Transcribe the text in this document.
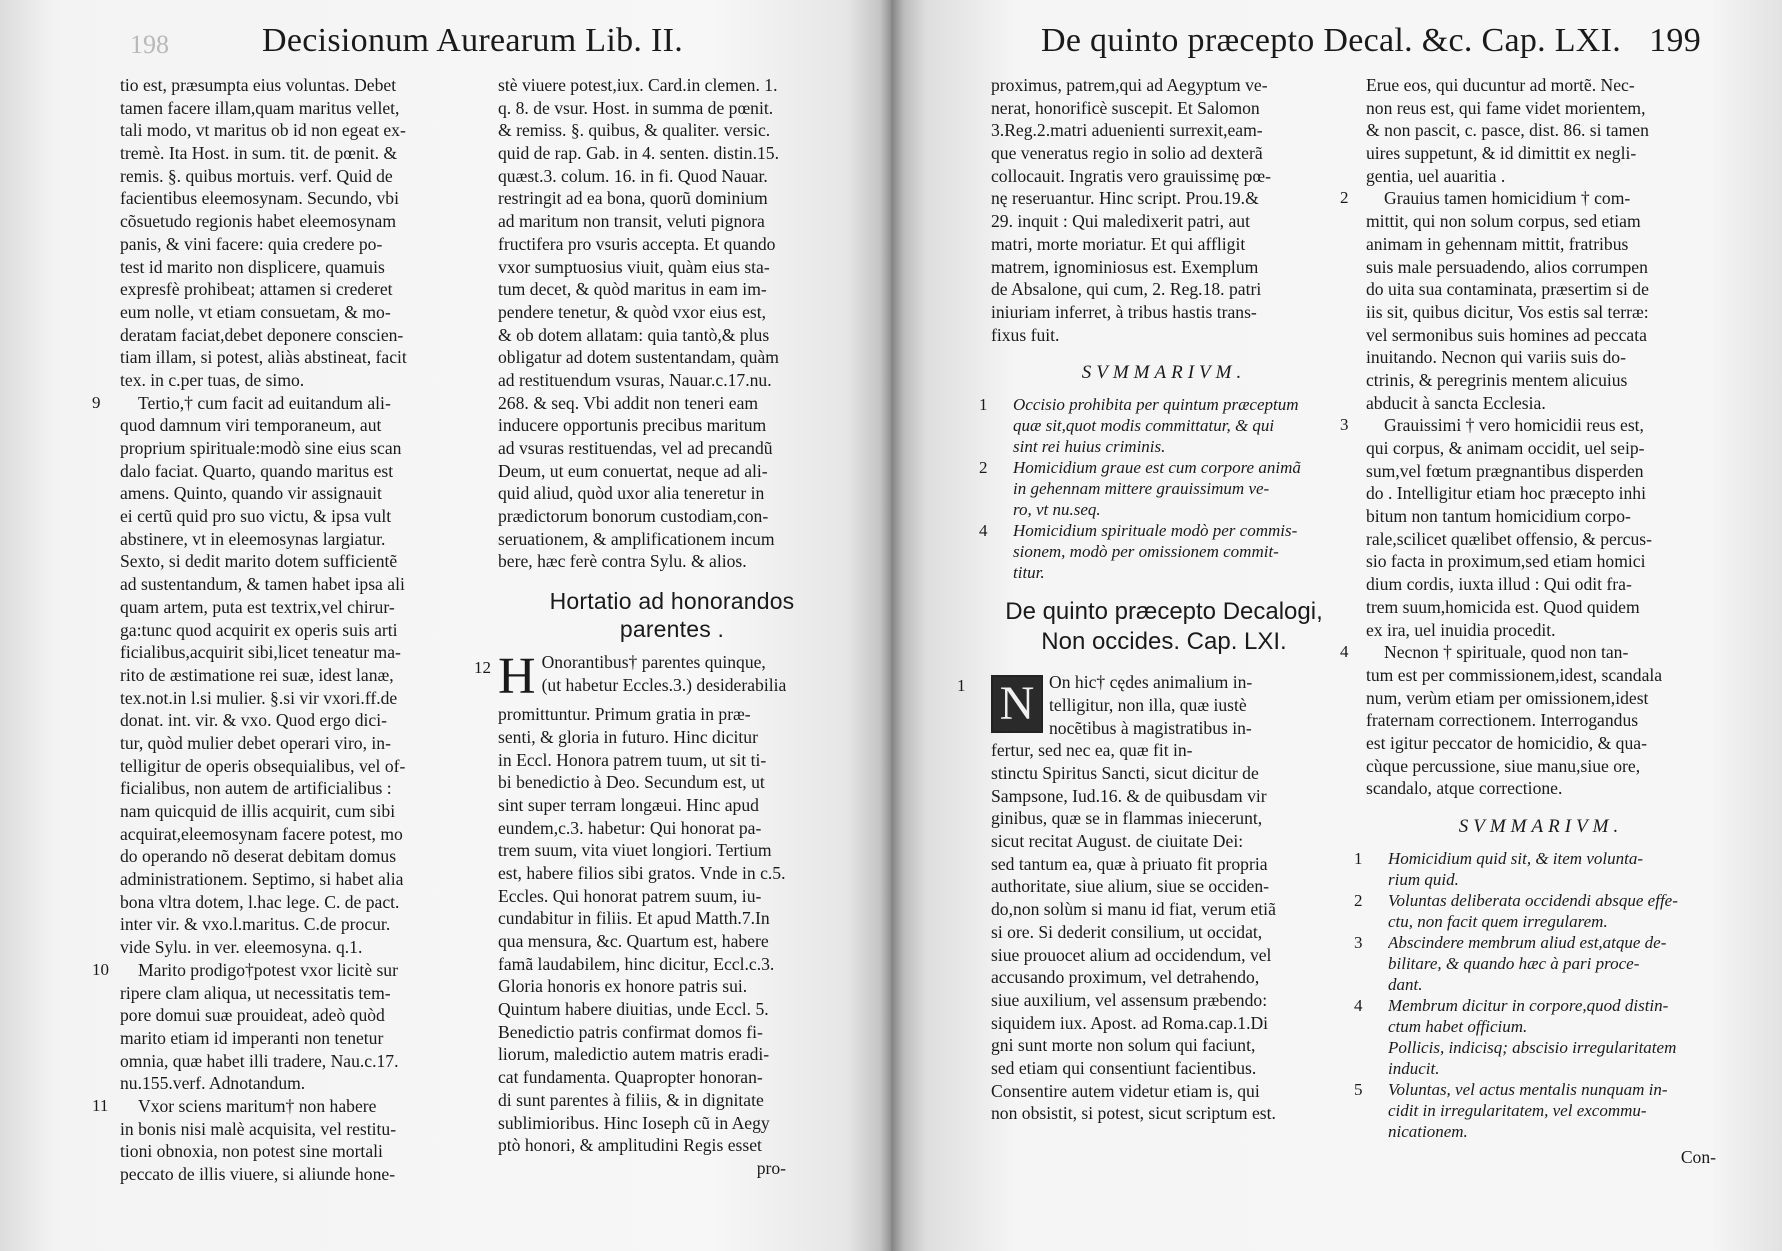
198	Decisionum Aurearum Lib. II.
tio est, præsumpta eius voluntas. Debet
tamen facere illam,quam maritus vellet,
tali modo, vt maritus ob id non egeat ex-
tremè. Ita Host. in sum. tit. de pœnit. &
remis. §. quibus mortuis. verf. Quid de
facientibus eleemosynam. Secundo, vbi
cõsuetudo regionis habet eleemosynam
panis, & vini facere: quia credere po-
test id marito non displicere, quamuis
expresfè prohibeat; attamen si crederet
eum nolle, vt etiam consuetam, & mo-
deratam faciat,debet deponere conscien-
tiam illam, si potest, aliàs abstineat, facit
tex. in c.per tuas, de simo.
9	Tertio,† cum facit ad euitandum ali-
quod damnum viri temporaneum, aut
proprium spirituale:modò sine eius scan
dalo faciat. Quarto, quando maritus est
amens. Quinto, quando vir assignauit
ei certũ quid pro suo victu, & ipsa vult
abstinere, vt in eleemosynas largiatur.
Sexto, si dedit marito dotem sufficientẽ
ad sustentandum, & tamen habet ipsa ali
quam artem, puta est textrix,vel chirur-
ga:tunc quod acquirit ex operis suis arti
ficialibus,acquirit sibi,licet teneatur ma-
rito de æstimatione rei suæ, idest lanæ,
tex.not.in l.si mulier. §.si vir vxori.ff.de
donat. int. vir. & vxo. Quod ergo dici-
tur, quòd mulier debet operari viro, in-
telligitur de operis obsequialibus, vel of-
ficialibus, non autem de artificialibus :
nam quicquid de illis acquirit, cum sibi
acquirat,eleemosynam facere potest, mo
do operando nõ deserat debitam domus
administrationem. Septimo, si habet alia
bona vltra dotem, l.hac lege. C. de pact.
inter vir. & vxo.l.maritus. C.de procur.
vide Sylu. in ver. eleemosyna. q.1.
10	Marito prodigo†potest vxor licitè sur
ripere clam aliqua, ut necessitatis tem-
pore domui suæ prouideat, adeò quòd
marito etiam id imperanti non tenetur
omnia, quæ habet illi tradere, Nau.c.17.
nu.155.verf. Adnotandum.
11	Vxor sciens maritum† non habere
in bonis nisi malè acquisita, vel restitu-
tioni obnoxia, non potest sine mortali
peccato de illis viuere, si aliunde hone-
stè viuere potest,iux. Card.in clemen. 1.
q. 8. de vsur. Host. in summa de pœnit.
& remiss. §. quibus, & qualiter. versic.
quid de rap. Gab. in 4. senten. distin.15.
quæst.3. colum. 16. in fi. Quod Nauar.
restringit ad ea bona, quorũ dominium
ad maritum non transit, veluti pignora
fructifera pro vsuris accepta. Et quando
vxor sumptuosius viuit, quàm eius sta-
tum decet, & quòd maritus in eam im-
pendere tenetur, & quòd vxor eius est,
& ob dotem allatam: quia tantò,& plus
obligatur ad dotem sustentandam, quàm
ad restituendum vsuras, Nauar.c.17.nu.
268. & seq. Vbi addit non teneri eam
inducere opportunis precibus maritum
ad vsuras restituendas, vel ad precandũ
Deum, ut eum conuertat, neque ad ali-
quid aliud, quòd uxor alia teneretur in
prædictorum bonorum custodiam,con-
seruationem, & amplificationem incum
bere, hæc ferè contra Sylu. & alios.
Hortatio ad honorandos
parentes .
12 H Onorantibus† parentes quinque,
(ut habetur Eccles.3.) desiderabilia
promittuntur. Primum gratia in præ-
senti, & gloria in futuro. Hinc dicitur
in Eccl. Honora patrem tuum, ut sit ti-
bi benedictio à Deo. Secundum est, ut
sint super terram longæui. Hinc apud
eundem,c.3. habetur: Qui honorat pa-
trem suum, vita viuet longiori. Tertium
est, habere filios sibi gratos. Vnde in c.5.
Eccles. Qui honorat patrem suum, iu-
cundabitur in filiis. Et apud Matth.7.In
qua mensura, &c. Quartum est, habere
famã laudabilem, hinc dicitur, Eccl.c.3.
Gloria honoris ex honore patris sui.
Quintum habere diuitias, unde Eccl. 5.
Benedictio patris confirmat domos fi-
liorum, maledictio autem matris eradi-
cat fundamenta. Quapropter honoran-
di sunt parentes à filiis, & in dignitate
sublimioribus. Hinc Ioseph cũ in Aegy
ptò honori, & amplitudini Regis esset
pro-
De quinto præcepto Decal. &c. Cap. LXI. 199
proximus, patrem,qui ad Aegyptum ve-
nerat, honorificè suscepit. Et Salomon
3.Reg.2.matri aduenienti surrexit,eam-
que veneratus regio in solio ad dexterã
collocauit. Ingratis vero grauissimę pœ-
nę reseruantur. Hinc script. Prou.19.&
29. inquit : Qui maledixerit patri, aut
matri, morte moriatur. Et qui affligit
matrem, ignominiosus est. Exemplum
de Absalone, qui cum, 2. Reg.18. patri
iniuriam inferret, à tribus hastis trans-
fixus fuit.
SVMMARIVM.
1 Occisio prohibita per quintum præceptum
quæ sit,quot modis committatur, & qui
sint rei huius criminis.
2 Homicidium graue est cum corpore animã
in gehennam mittere grauissimum ve-
ro, vt nu.seq.
4 Homicidium spirituale modò per commis-
sionem, modò per omissionem commit-
titur.
De quinto præcepto Decalogi,
Non occides. Cap. LXI.
1 N On hic† cędes animalium in-
telligitur, non illa, quæ iustè
nocẽtibus à magistratibus in-
fertur, sed nec ea, quæ fit in-
stinctu Spiritus Sancti, sicut dicitur de
Sampsone, Iud.16. & de quibusdam vir
ginibus, quæ se in flammas iniecerunt,
sicut recitat August. de ciuitate Dei:
sed tantum ea, quæ à priuato fit propria
authoritate, siue alium, siue se occiden-
do,non solùm si manu id fiat, verum etiã
si ore. Si dederit consilium, ut occidat,
siue prouocet alium ad occidendum, vel
accusando proximum, vel detrahendo,
siue auxilium, vel assensum præbendo:
siquidem iux. Apost. ad Roma.cap.1.Di
gni sunt morte non solum qui faciunt,
sed etiam qui consentiunt facientibus.
Consentire autem videtur etiam is, qui
non obsistit, si potest, sicut scriptum est.
Erue eos, qui ducuntur ad mortẽ. Nec-
non reus est, qui fame videt morientem,
& non pascit, c. pasce, dist. 86. si tamen
uires suppetunt, & id dimittit ex negli-
gentia, uel auaritia .
2	Grauius tamen homicidium † com-
mittit, qui non solum corpus, sed etiam
animam in gehennam mittit, fratribus
suis male persuadendo, alios corrumpen
do uita sua contaminata, præsertim si de
iis sit, quibus dicitur, Vos estis sal terræ:
vel sermonibus suis homines ad peccata
inuitando. Necnon qui variis suis do-
ctrinis, & peregrinis mentem alicuius
abducit à sancta Ecclesia.
3	Grauissimi † vero homicidii reus est,
qui corpus, & animam occidit, uel seip-
sum,vel fœtum prægnantibus disperden
do . Intelligitur etiam hoc præcepto inhi
bitum non tantum homicidium corpo-
rale,scilicet quælibet offensio, & percus-
sio facta in proximum,sed etiam homici
dium cordis, iuxta illud : Qui odit fra-
trem suum,homicida est. Quod quidem
ex ira, uel inuidia procedit.
4	Necnon † spirituale, quod non tan-
tum est per commissionem,idest, scandala
num, verùm etiam per omissionem,idest
fraternam correctionem. Interrogandus
est igitur peccator de homicidio, & qua-
cùque percussione, siue manu,siue ore,
scandalo, atque correctione.
SVMMARIVM.
1 Homicidium quid sit, & item volunta-
rium quid.
2 Voluntas deliberata occidendi absque effe-
ctu, non facit quem irregularem.
3 Abscindere membrum aliud est,atque de-
bilitare, & quando hæc à pari proce-
dant.
4 Membrum dicitur in corpore,quod distin-
ctum habet officium.
Pollicis, indicisq; abscisio irregularitatem
inducit.
5 Voluntas, vel actus mentalis nunquam in-
cidit in irregularitatem, vel excommu-
nicationem.
Con-
